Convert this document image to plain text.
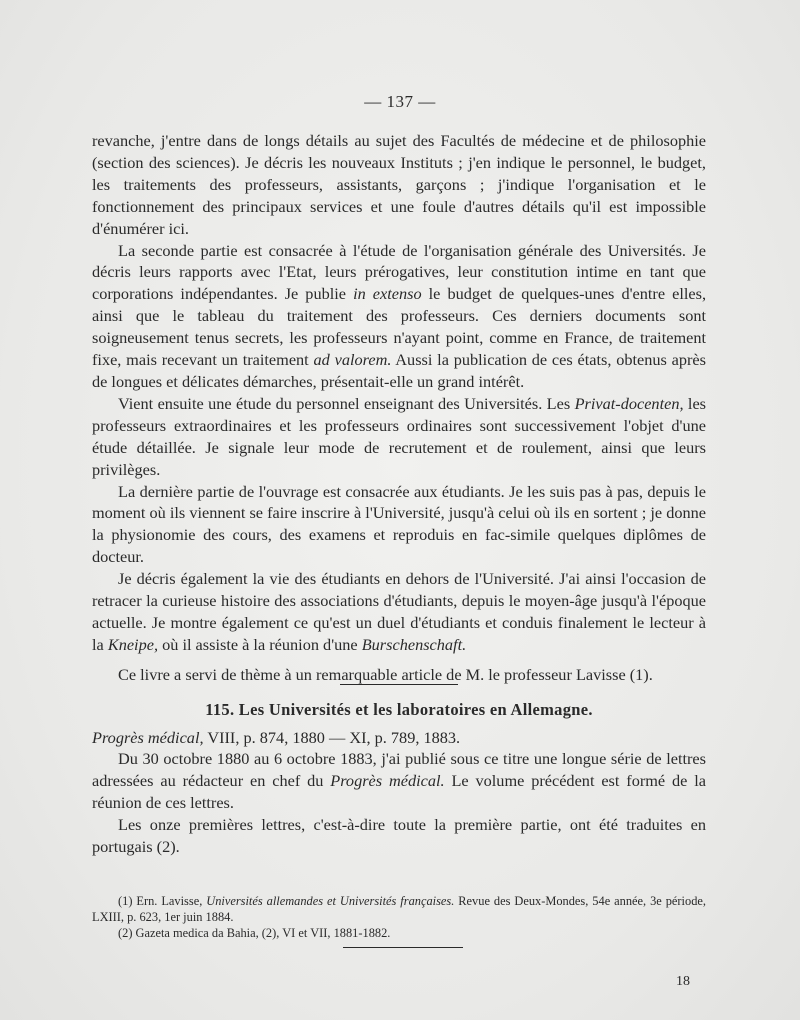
— 137 —

revanche, j'entre dans de longs détails au sujet des Facultés de médecine et de philosophie (section des sciences). Je décris les nouveaux Instituts ; j'en indique le personnel, le budget, les traitements des professeurs, assistants, garçons ; j'indique l'organisation et le fonctionnement des principaux services et une foule d'autres détails qu'il est impossible d'énumérer ici.

La seconde partie est consacrée à l'étude de l'organisation générale des Universités. Je décris leurs rapports avec l'Etat, leurs prérogatives, leur constitution intime en tant que corporations indépendantes. Je publie in extenso le budget de quelques-unes d'entre elles, ainsi que le tableau du traitement des professeurs. Ces derniers documents sont soigneusement tenus secrets, les professeurs n'ayant point, comme en France, de traitement fixe, mais recevant un traitement ad valorem. Aussi la publication de ces états, obtenus après de longues et délicates démarches, présentait-elle un grand intérêt.

Vient ensuite une étude du personnel enseignant des Universités. Les Privat-docenten, les professeurs extraordinaires et les professeurs ordinaires sont successivement l'objet d'une étude détaillée. Je signale leur mode de recrutement et de roulement, ainsi que leurs privilèges.

La dernière partie de l'ouvrage est consacrée aux étudiants. Je les suis pas à pas, depuis le moment où ils viennent se faire inscrire à l'Université, jusqu'à celui où ils en sortent ; je donne la physionomie des cours, des examens et reproduis en fac-simile quelques diplômes de docteur.

Je décris également la vie des étudiants en dehors de l'Université. J'ai ainsi l'occasion de retracer la curieuse histoire des associations d'étudiants, depuis le moyen-âge jusqu'à l'époque actuelle. Je montre également ce qu'est un duel d'étudiants et conduis finalement le lecteur à la Kneipe, où il assiste à la réunion d'une Burschenschaft.

Ce livre a servi de thème à un remarquable article de M. le professeur Lavisse (1).

115. Les Universités et les laboratoires en Allemagne.

Progrès médical, VIII, p. 874, 1880 — XI, p. 789, 1883.

Du 30 octobre 1880 au 6 octobre 1883, j'ai publié sous ce titre une longue série de lettres adressées au rédacteur en chef du Progrès médical. Le volume précédent est formé de la réunion de ces lettres.

Les onze premières lettres, c'est-à-dire toute la première partie, ont été traduites en portugais (2).

(1) Ern. Lavisse, Universités allemandes et Universités françaises. Revue des Deux-Mondes, 54e année, 3e période, LXIII, p. 623, 1er juin 1884.

(2) Gazeta medica da Bahia, (2), VI et VII, 1881-1882.

18
